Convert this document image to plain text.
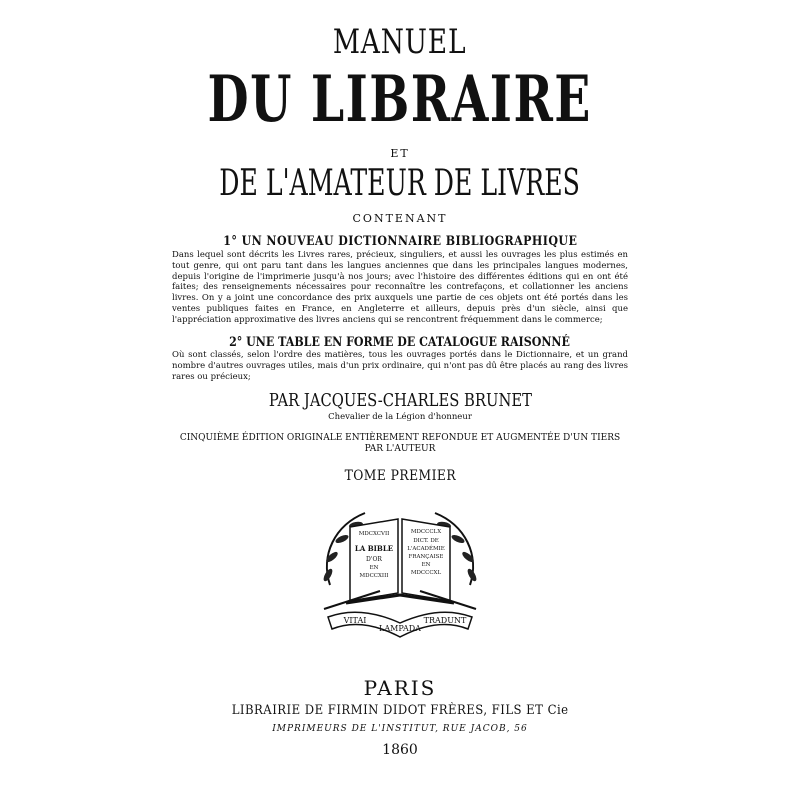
MANUEL
DU LIBRAIRE
ET
DE L'AMATEUR DE LIVRES
CONTENANT
1° UN NOUVEAU DICTIONNAIRE BIBLIOGRAPHIQUE
Dans lequel sont décrits les Livres rares, précieux, singuliers, et aussi les ouvrages les plus estimés en tout genre, qui ont paru tant dans les langues anciennes que dans les principales langues modernes, depuis l'origine de l'imprimerie jusqu'à nos jours; avec l'histoire des différentes éditions qui en ont été faites; des renseignements nécessaires pour reconnaître les contrefaçons, et collationner les anciens livres. On y a joint une concordance des prix auxquels une partie de ces objets ont été portés dans les ventes publiques faites en France, en Angleterre et ailleurs, depuis près d'un siècle, ainsi que l'appréciation approximative des livres anciens qui se rencontrent fréquemment dans le commerce;
2° UNE TABLE EN FORME DE CATALOGUE RAISONNÉ
Où sont classés, selon l'ordre des matières, tous les ouvrages portés dans le Dictionnaire, et un grand nombre d'autres ouvrages utiles, mais d'un prix ordinaire, qui n'ont pas dû être placés au rang des livres rares ou précieux;
PAR JACQUES-CHARLES BRUNET
Chevalier de la Légion d'honneur
CINQUIÈME ÉDITION ORIGINALE ENTIÈREMENT REFONDUE ET AUGMENTÉE D'UN TIERS
PAR L'AUTEUR
TOME PREMIER
MDCXCVII
LA BIBLE
D'OR
EN
MDCCXIII
MDCCCLX
DICT. DE
L'ACADÉMIE
FRANÇAISE
EN
MDCCCXL
VITAI
LAMPADA
TRADUNT
PARIS
LIBRAIRIE DE FIRMIN DIDOT FRÈRES, FILS ET Cie
IMPRIMEURS DE L'INSTITUT, RUE JACOB, 56
1860
